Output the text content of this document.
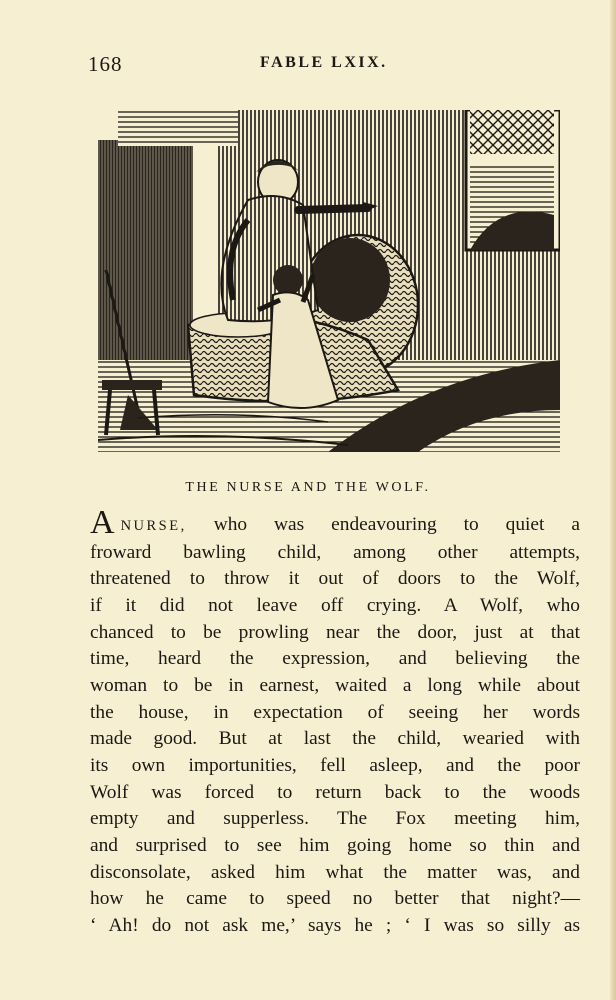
168	FABLE LXIX.
THE NURSE AND THE WOLF.
ANURSE, who was endeavouring to quiet a
froward bawling child, among other attempts,
threatened to throw it out of doors to the Wolf,
if it did not leave off crying. A Wolf, who
chanced to be prowling near the door, just at that
time, heard the expression, and believing the
woman to be in earnest, waited a long while about
the house, in expectation of seeing her words
made good. But at last the child, wearied with
its own importunities, fell asleep, and the poor
Wolf was forced to return back to the woods
empty and supperless. The Fox meeting him,
and surprised to see him going home so thin and
disconsolate, asked him what the matter was, and
how he came to speed no better that night?—
‘ Ah! do not ask me,’ says he ; ‘ I was so silly as
